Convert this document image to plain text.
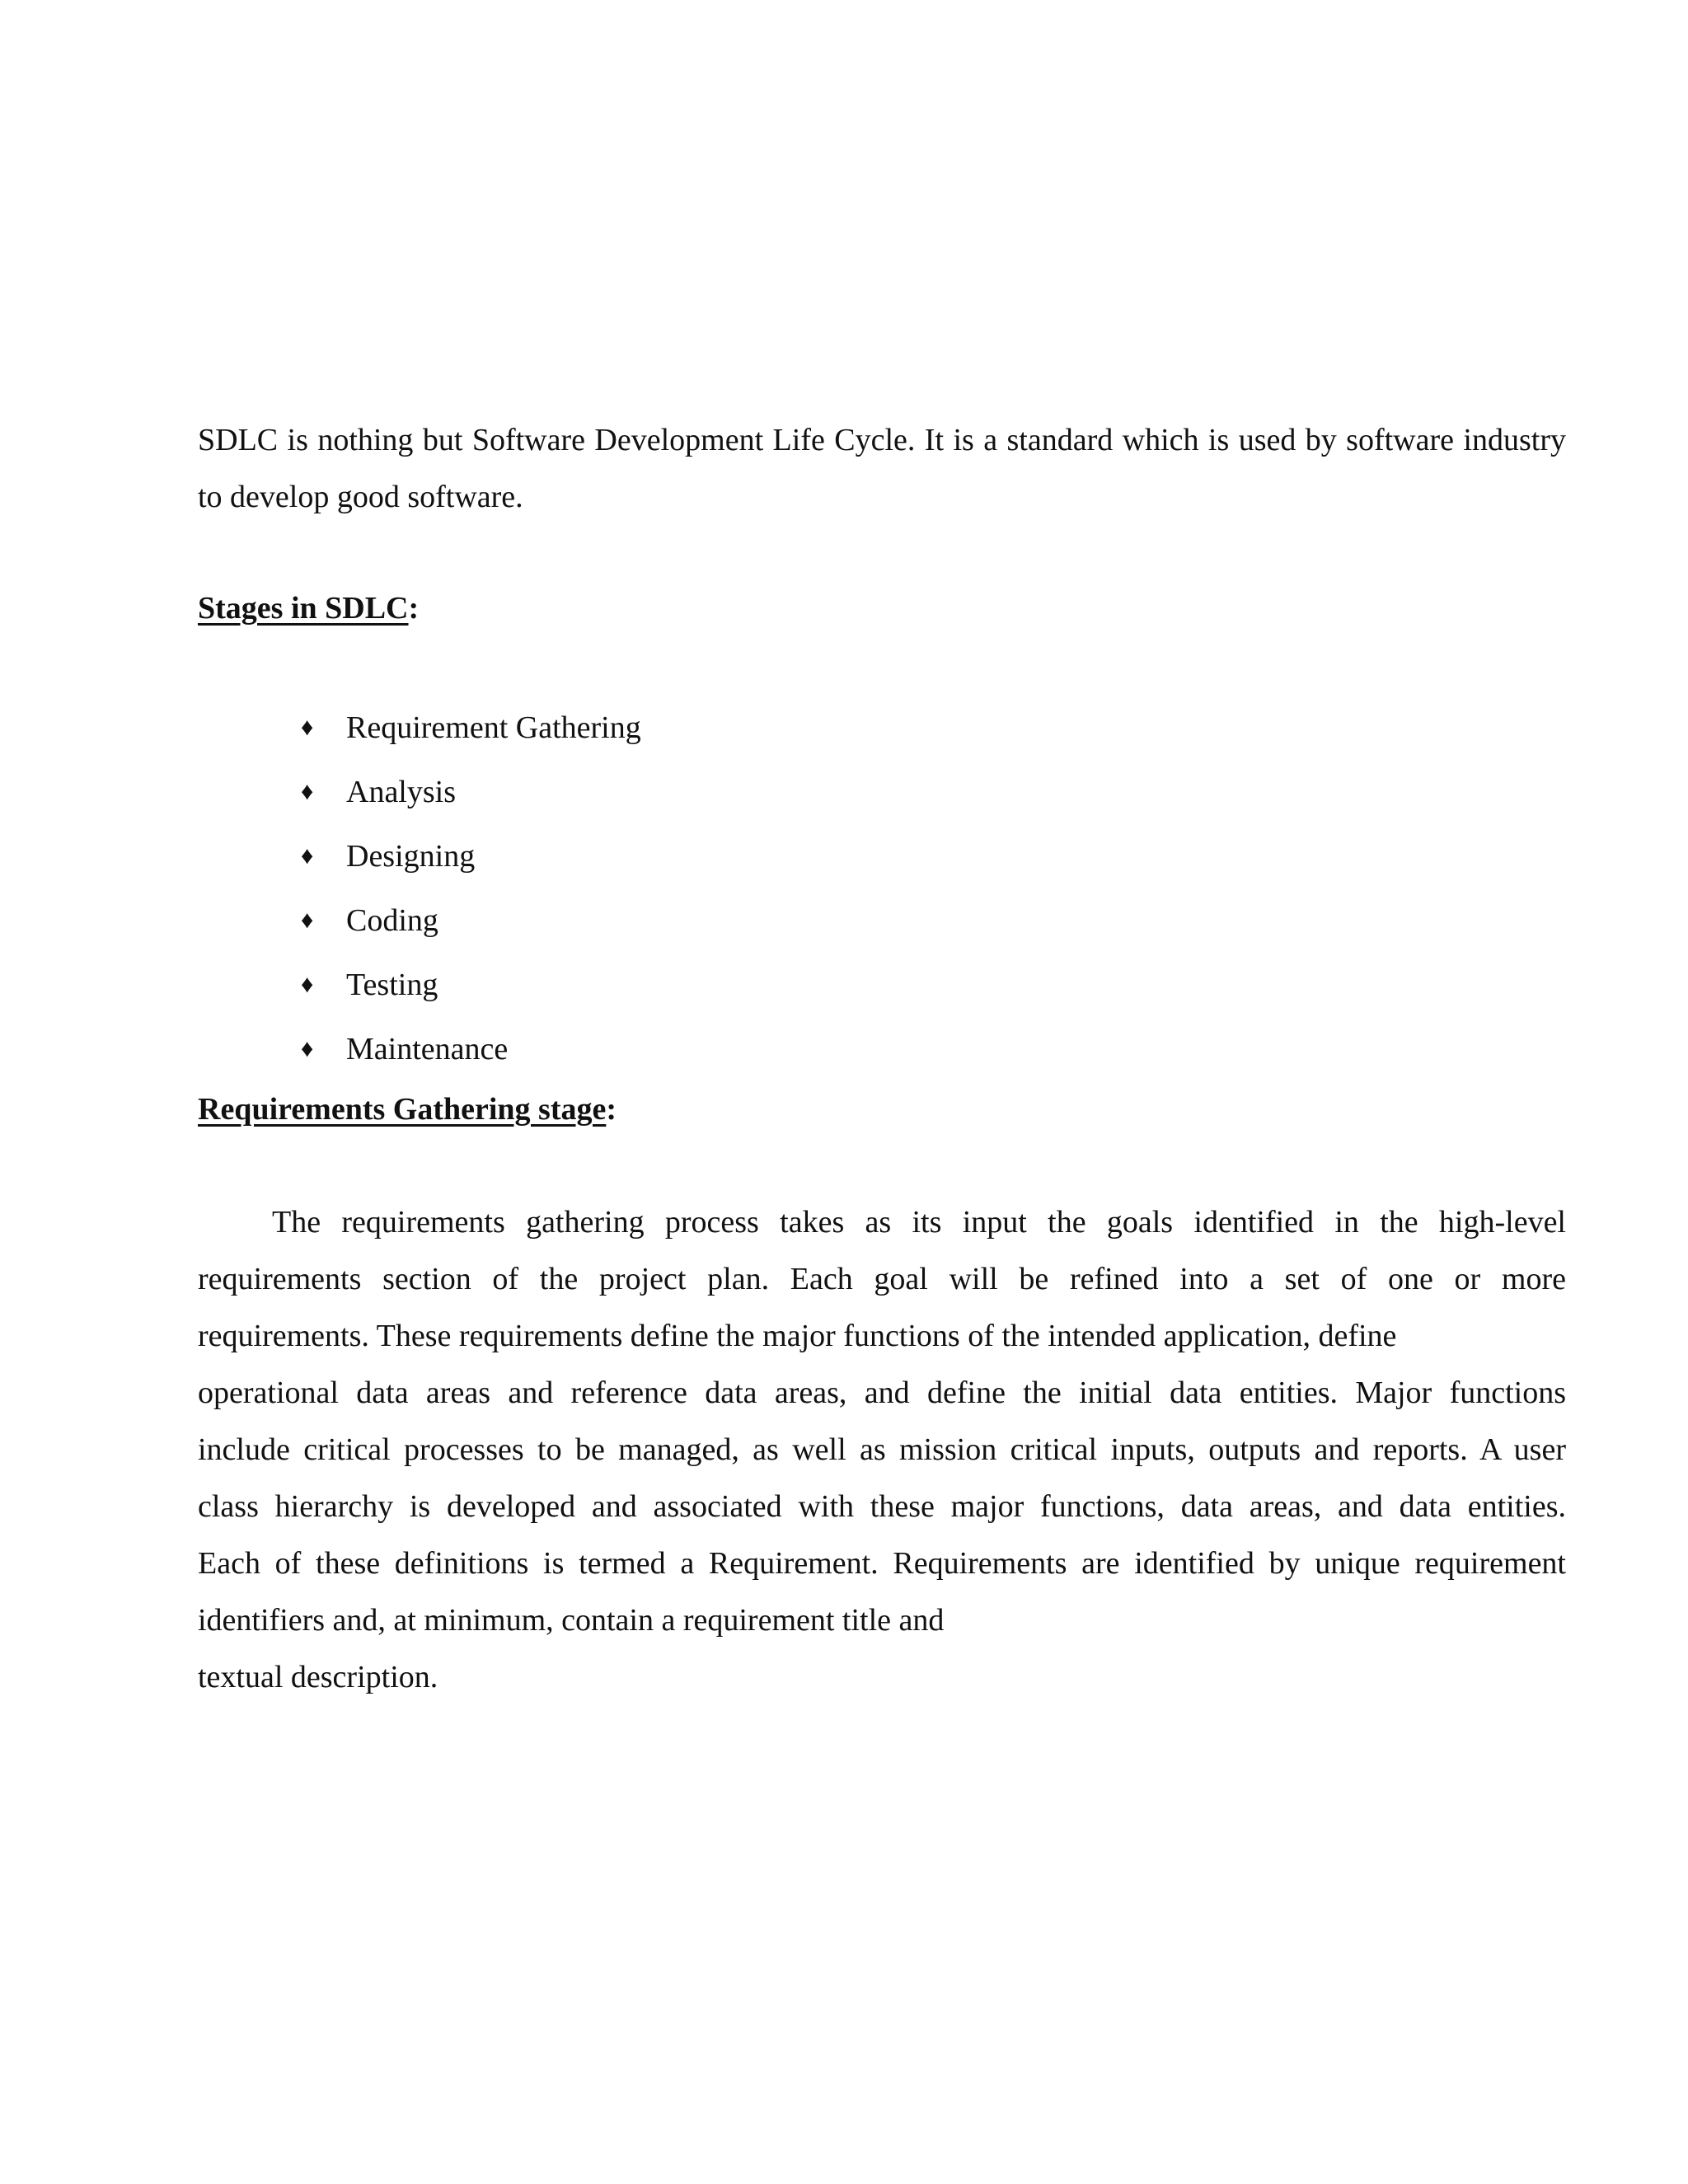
SDLC is nothing but Software Development Life Cycle. It is a standard which is used by software industry to develop good software.

Stages in SDLC:
♦	Requirement Gathering
♦	Analysis
♦	Designing
♦	Coding
♦	Testing
♦	Maintenance
Requirements Gathering stage:
The requirements gathering process takes as its input the goals identified in the high-level
requirements section of the project plan. Each goal will be refined into a set of one or more
requirements. These requirements define the major functions of the intended application, define
operational data areas and reference data areas, and define the initial data entities. Major functions
include critical processes to be managed, as well as mission critical inputs, outputs and reports. A user
class hierarchy is developed and associated with these major functions, data areas, and data entities.
Each of these definitions is termed a Requirement. Requirements are identified by unique requirement
identifiers and, at minimum, contain a requirement title and
textual description.
